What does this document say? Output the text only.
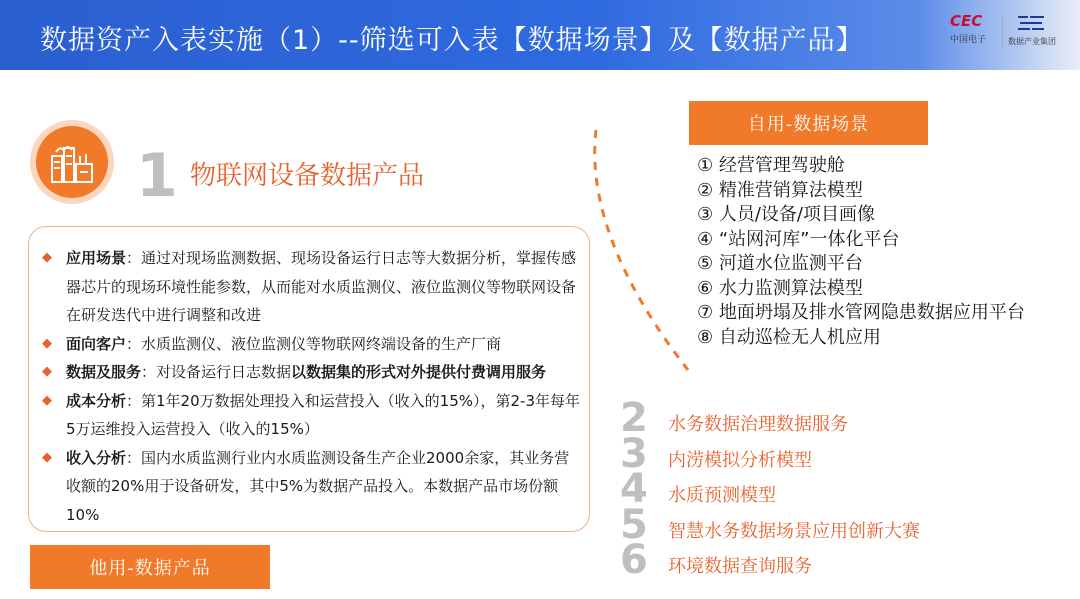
数据资产入表实施（1）--筛选可入表【数据场景】及【数据产品】
CEC
中国电子	数据产业集团
1 物联网设备数据产品
◆ 应用场景：通过对现场监测数据、现场设备运行日志等大数据分析，掌握传感器芯片的现场环境性能参数，从而能对水质监测仪、液位监测仪等物联网设备在研发迭代中进行调整和改进
◆ 面向客户：水质监测仪、液位监测仪等物联网终端设备的生产厂商
◆ 数据及服务：对设备运行日志数据以数据集的形式对外提供付费调用服务
◆ 成本分析：第1年20万数据处理投入和运营投入（收入的15%），第2-3年每年5万运维投入运营投入（收入的15%）
◆ 收入分析：国内水质监测行业内水质监测设备生产企业2000余家，其业务营收额的20%用于设备研发，其中5%为数据产品投入。本数据产品市场份额10%
他用-数据产品
自用-数据场景
① 经营管理驾驶舱
② 精准营销算法模型
③ 人员/设备/项目画像
④ “站网河库”一体化平台
⑤ 河道水位监测平台
⑥ 水力监测算法模型
⑦ 地面坍塌及排水管网隐患数据应用平台
⑧ 自动巡检无人机应用
2
3
4
5
6
水务数据治理数据服务
内涝模拟分析模型
水质预测模型
智慧水务数据场景应用创新大赛
环境数据查询服务
